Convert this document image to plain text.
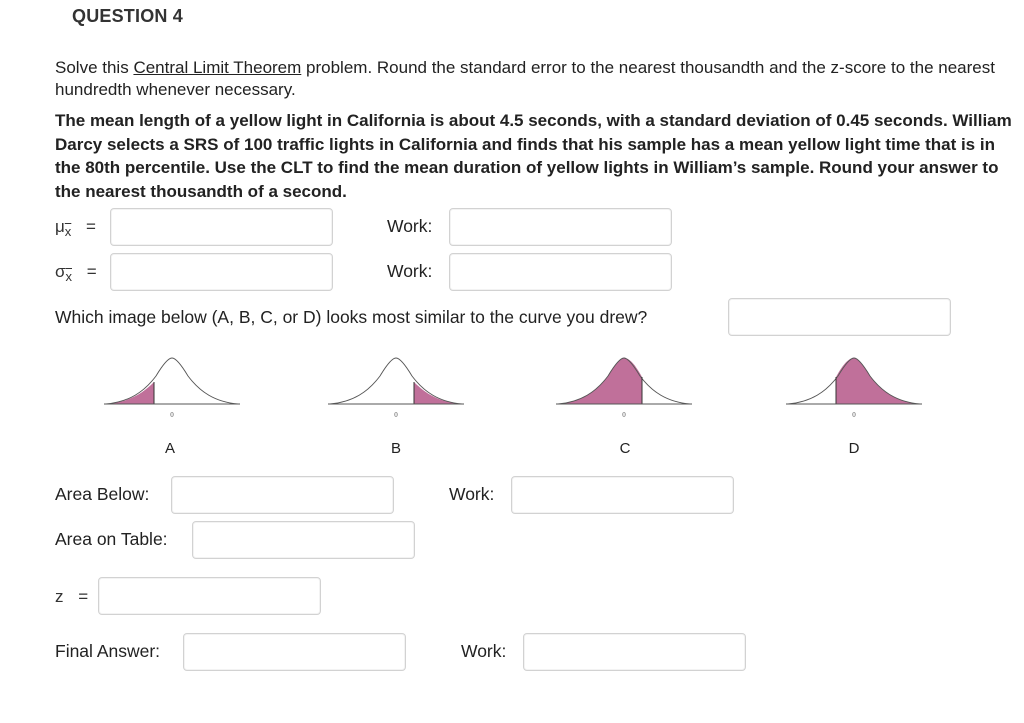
QUESTION 4
Solve this Central Limit Theorem problem. Round the standard error to the nearest thousandth and the z-score to the nearest hundredth whenever necessary.
The mean length of a yellow light in California is about 4.5 seconds, with a standard deviation of 0.45 seconds. William Darcy selects a SRS of 100 traffic lights in California and finds that his sample has a mean yellow light time that is in the 80th percentile. Use the CLT to find the mean duration of yellow lights in William’s sample. Round your answer to the nearest thousandth of a second.
$\mu_{\overline{x}}$ =	Work:
$\sigma_{\overline{x}}$ =	Work:
Which image below (A, B, C, or D) looks most similar to the curve you drew?
0	0	0	0
A	B	C	D
Area Below:	Work:
Area on Table:
z =
Final Answer:	Work:
